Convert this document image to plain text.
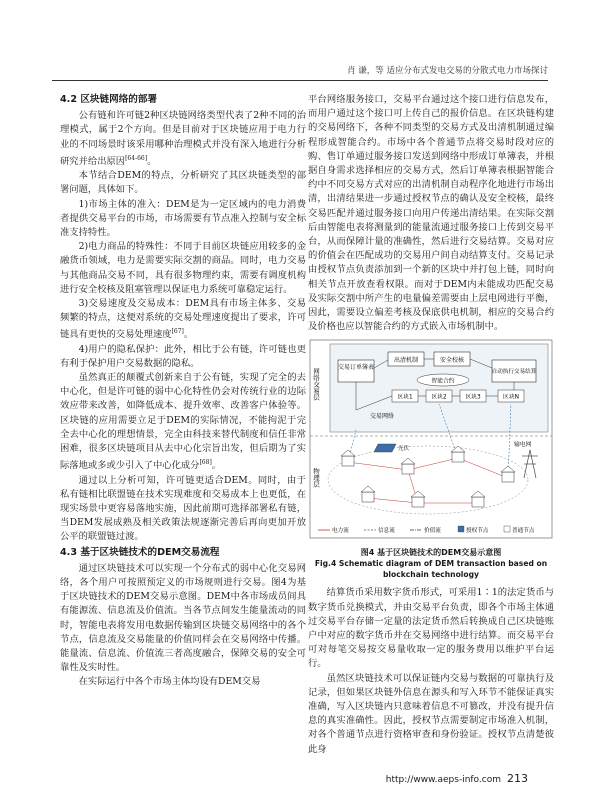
肖 谦，等 适应分布式发电交易的分散式电力市场探讨
4.2 区块链网络的部署

公有链和许可链2种区块链网络类型代表了2种不同的治理模式，属于2个方向。但是目前对于区块链应用于电力行业的不同场景时该采用哪种治理模式并没有深入地进行分析研究并给出原因[64-66]。

本节结合DEM的特点，分析研究了其区块链类型的部署问题，具体如下。

1)市场主体的准入：DEM是为一定区域内的电力消费者提供交易平台的市场，市场需要有节点准入控制与安全标准支持特性。

2)电力商品的特殊性：不同于目前区块链应用较多的金融货币领域，电力是需要实际交割的商品。同时，电力交易与其他商品交易不同，具有很多物理约束，需要有调度机构进行安全校核及阻塞管理以保证电力系统可靠稳定运行。

3)交易速度及交易成本：DEM具有市场主体多、交易频繁的特点，这便对系统的交易处理速度提出了要求，许可链具有更快的交易处理速度[67]。

4)用户的隐私保护：此外，相比于公有链，许可链也更有利于保护用户交易数据的隐私。

虽然真正的颠覆式创新来自于公有链，实现了完全的去中心化，但是许可链的弱中心化特性仍会对传统行业的边际效应带来改善，如降低成本、提升效率、改善客户体验等。区块链的应用需要立足于DEM的实际情况，不能拘泥于完全去中心化的理想情景，完全由科技来替代制度和信任非常困难，很多区块链项目从去中心化宗旨出发，但后期为了实际落地或多或少引入了中心化成分[68]。

通过以上分析可知，许可链更适合DEM。同时，由于私有链相比联盟链在技术实现难度和交易成本上也更低，在现实场景中更容易落地实施，因此前期可选择部署私有链，当DEM发展成熟及相关政策法规逐渐完善后再向更加开放公平的联盟链过渡。

4.3 基于区块链技术的DEM交易流程

通过区块链技术可以实现一个分布式的弱中心化交易网络，各个用户可按照预定义的市场规则进行交易。图4为基于区块链技术的DEM交易示意图。DEM中各市场成员间具有能源流、信息流及价值流。当各节点间发生能量流动的同时，智能电表将发用电数据传输到区块链交易网络中的各个节点，信息流及交易能量的价值同样会在交易网络中传播。能量流、信息流、价值流三者高度融合，保障交易的安全可靠性及实时性。

在实际运行中各个市场主体均设有DEM交易

平台网络服务接口，交易平台通过这个接口进行信息发布，而用户通过这个接口可上传自己的报价信息。在区块链构建的交易网络下，各种不同类型的交易方式及出清机制通过编程形成智能合约。市场中各个普通节点将交易时段对应的购、售订单通过服务接口发送到网络中形成订单簿表，并根据自身需求选择相应的交易方式，然后订单簿表根据智能合约中不同交易方式对应的出清机制自动程序化地进行市场出清，出清结果进一步通过授权节点的确认及安全校核，最终交易匹配并通过服务接口向用户传递出清结果。在实际交割后由智能电表将测量到的能量流通过服务接口上传到交易平台，从而保障计量的准确性，然后进行交易结算。交易对应的价值会在匹配成功的交易用户间自动结算支付。交易记录由授权节点负责添加到一个新的区块中并打包上链，同时向相关节点开放查看权限。而对于DEM内未能成功匹配交易及实际交割中所产生的电量偏差需要由上层电网进行平衡，因此，需要设立偏差考核及保底供电机制，相应的交易合约及价格也应以智能合约的方式嵌入市场机制中。

网络交易层
物理层
交易订单簿表
出清机制	安全校核
自动执行交易结算
智能合约
区块1	区块2	区块3	区块N
交易网络
光伏
输电网
电力流	信息流	价值流	授权节点	普通节点
图4 基于区块链技术的DEM交易示意图
Fig.4 Schematic diagram of DEM transaction based on blockchain technology

结算货币采用数字货币形式，可采用1∶1的法定货币与数字货币兑换模式，并由交易平台负责，即各个市场主体通过交易平台存储一定量的法定货币然后转换成自己区块链账户中对应的数字货币并在交易网络中进行结算。而交易平台可对每笔交易按交易量收取一定的服务费用以维护平台运行。

虽然区块链技术可以保证链内交易与数据的可靠执行及记录，但如果区块链外信息在源头和写入环节不能保证真实准确，写入区块链内只意味着信息不可篡改，并没有提升信息的真实准确性。因此，授权节点需要制定市场准入机制，对各个普通节点进行资格审查和身份验证。授权节点清楚彼此身

http://www.aeps-info.com 213
